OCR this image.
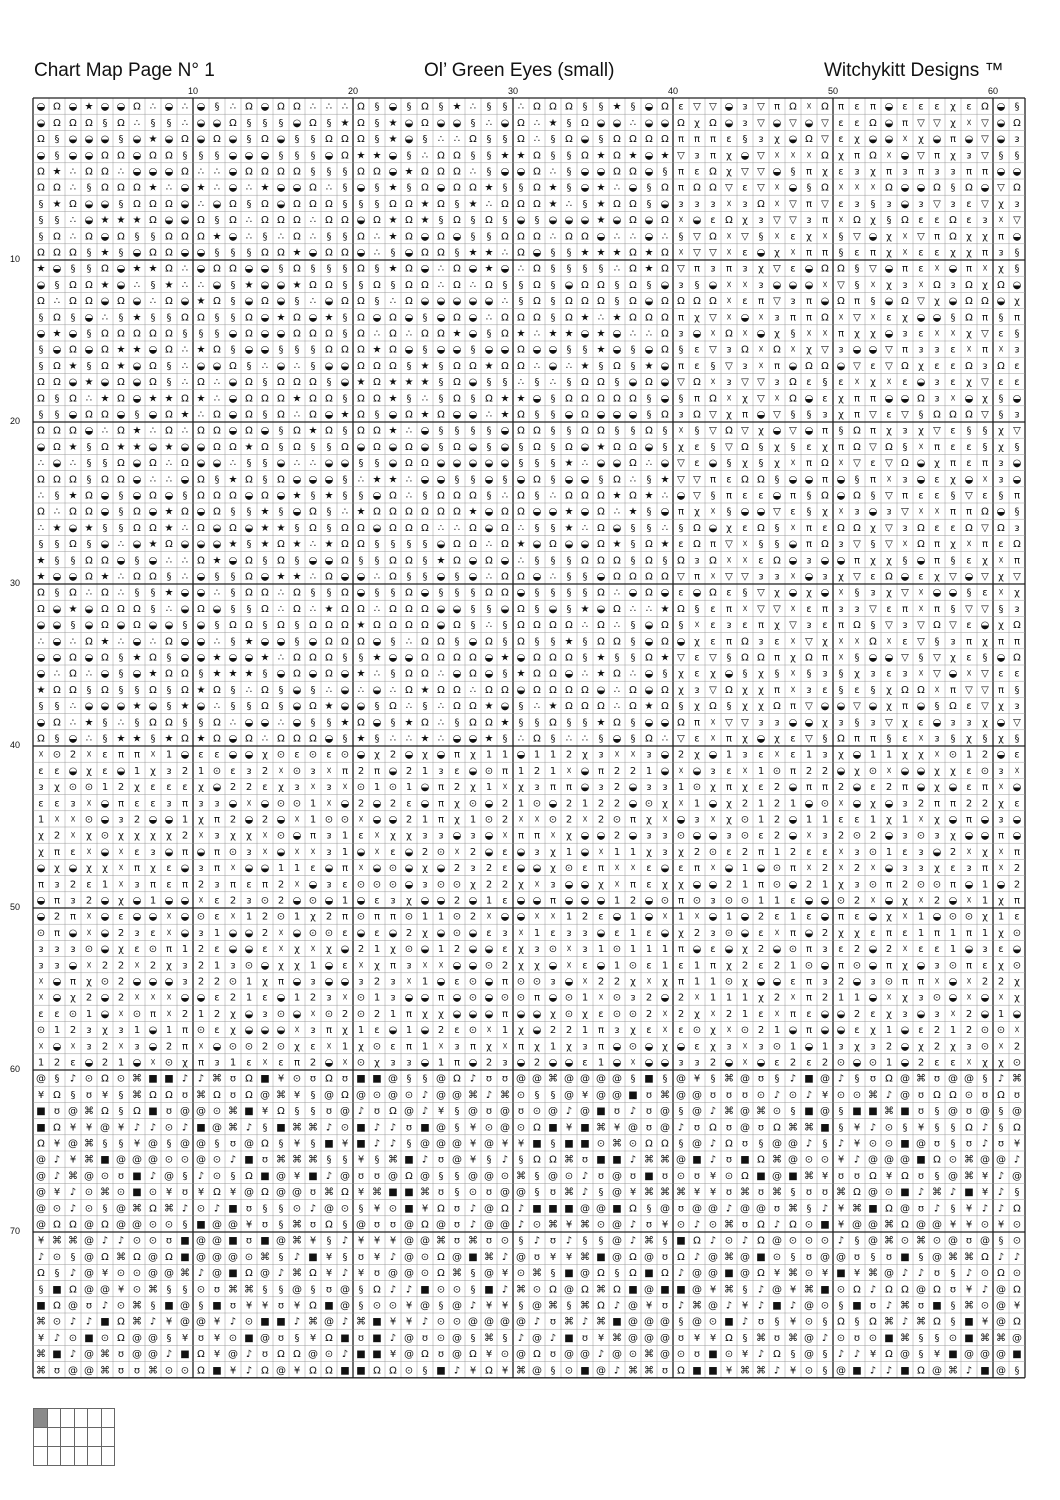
Chart Map Page N° 1	Ol’ Green Eyes (small)	Witchykitt Designs ™
10	20	30	40	50	60
10
20
30
40
50
60
70
◒ Ω ◒ ★ ◒ ◒ Ω ∴ ◒ ∴ ◒ § ∴ Ω ◒ Ω Ω ∴ ∴ ∴ Ω § ◒ § Ω § ★ ∴ § § ∴ Ω Ω Ω § § ★ § ◒ Ω ε ▽ ▽ ◒ ᴈ ▽ π Ω ☓ Ω π ε π ◒ ε ε ε χ ε Ω ◒ §
◒ Ω Ω Ω § Ω ∴ § § ∴ ◒ ◒ Ω § § § ◒ Ω § ★ Ω § ★ ◒ Ω ◒ ◒ § ∴ ◒ Ω ∴ ★ § Ω ◒ ◒ ∴ ◒ ◒ Ω χ Ω ◒ ᴈ ▽ ◒ ▽ ◒ ▽ ε ε Ω ◒ π ▽ ▽ χ ☓ ▽ ◒ Ω
Ω § ◒ ◒ ◒ § ◒ ★ ◒ Ω ◒ Ω ◒ § Ω ◒ § § Ω Ω Ω § ★ ◒ § ∴ ∴ Ω § § Ω ∴ § Ω ◒ § Ω Ω Ω Ω π π π ε § ᴈ χ ◒ Ω ▽ ε χ ◒ ◒ ☓ χ ◒ π ◒ ▽ ◒ ᴈ
◒ § ◒ ◒ Ω Ω ◒ Ω Ω § § § ◒ ◒ ◒ § § § ◒ Ω ★ ★ ◒ § ∴ Ω Ω § § ★ ★ Ω § § Ω ★ Ω ★ ◒ ★ ▽ ᴈ π χ ◒ ▽ ☓ ☓ ☓ Ω χ π Ω ☓ ◒ ▽ π χ ᴈ ▽ § §
Ω ★ ∴ Ω Ω ∴ ◒ ◒ ◒ Ω ∴ ∴ ◒ Ω Ω Ω Ω § § § Ω Ω ◒ ★ Ω Ω Ω ∴ § ◒ ◒ Ω ∴ § ◒ ◒ Ω Ω ◒ § π ε Ω χ ▽ ▽ ◒ § π χ ε ᴈ χ π ᴈ π ᴈ ᴈ π π ◒ ◒
Ω Ω ∴ § Ω Ω Ω ★ ∴ ◒ ★ ∴ ◒ ∴ ★ ◒ ◒ Ω ∴ § ◒ § ★ § Ω ◒ Ω Ω ★ § § Ω ★ § ◒ ★ ∴ ◒ § Ω π Ω Ω ▽ ε ▽ ☓ ◒ § Ω ☓ ☓ ☓ Ω ◒ ◒ Ω § Ω ◒ ▽ Ω
§ ★ Ω ◒ ◒ § Ω Ω Ω ◒ ∴ ◒ Ω § Ω ◒ Ω Ω Ω § § § Ω Ω ★ Ω § ★ ∴ Ω Ω Ω ★ ∴ § ★ Ω Ω § ◒ ᴈ ᴈ ᴈ ☓ ᴈ Ω ☓ ▽ π ▽ ε ᴈ § ᴈ ◒ ᴈ ▽ ᴈ ε ▽ χ ᴈ
§ § ∴ ◒ ★ ★ ★ Ω ◒ ◒ Ω § Ω ∴ Ω Ω Ω ∴ Ω Ω ◒ Ω ★ Ω ★ § Ω § Ω § ◒ § ◒ ◒ ◒ ★ ◒ Ω ◒ Ω ☓ ◒ ε Ω χ ᴈ ▽ ▽ ᴈ π ☓ Ω χ § Ω ε ε Ω ε ᴈ ☓ ▽
§ Ω ∴ Ω ◒ Ω § § Ω Ω Ω ★ ◒ ∴ § ∴ Ω ∴ § § Ω ∴ ★ Ω ◒ Ω ◒ § § Ω Ω Ω ∴ Ω Ω ◒ ∴ ∴ ◒ ∴ § ▽ Ω ☓ ▽ § ☓ ε χ ☓ § ▽ ◒ χ ☓ ▽ π Ω χ χ π ◒
Ω Ω Ω § ★ § ◒ Ω Ω ◒ ◒ § § § Ω Ω ★ ◒ Ω Ω ◒ ∴ § ◒ Ω Ω § ★ ★ ∴ Ω ◒ § § ★ ★ ★ Ω ★ Ω ☓ ▽ ▽ ☓ ε ◒ χ ☓ π π § ε π χ ☓ ε ε χ χ π ᴈ §
★ ◒ § § Ω ◒ ★ ★ Ω ∴ ◒ Ω Ω ◒ ◒ § Ω § § § Ω § ★ Ω ◒ ∴ Ω ◒ ★ ◒ ∴ Ω § § § § ∴ Ω ★ Ω ▽ π ᴈ π ᴈ χ ▽ ε ◒ Ω Ω § ▽ ◒ π ε ☓ ◒ π ☓ χ §
◒ § Ω Ω ★ ◒ ∴ § ★ ∴ ∴ ◒ § ★ ◒ ◒ ★ Ω Ω § § Ω § Ω Ω ∴ Ω ∴ Ω § § Ω § ◒ Ω Ω § Ω § ◒ ᴈ § ◒ ☓ ☓ ᴈ ◒ ◒ ◒ ☓ ▽ § ☓ χ ᴈ ☓ Ω ᴈ Ω χ Ω ◒
Ω ∴ Ω Ω ◒ Ω ◒ ∴ Ω ◒ ★ Ω § ◒ Ω ◒ § ∴ ◒ Ω Ω § ∴ Ω ◒ ◒ ◒ ◒ ◒ ∴ § Ω § Ω Ω Ω § Ω ◒ Ω Ω Ω Ω ☓ ε π ▽ ᴈ π ◒ Ω π § ◒ Ω ▽ χ ◒ Ω Ω ◒ χ
§ Ω § ◒ ∴ § ★ § § Ω Ω § § Ω ◒ ★ Ω ◒ ★ § Ω ◒ Ω ◒ § ◒ Ω ◒ ∴ Ω Ω Ω § Ω ★ ∴ ★ Ω Ω Ω π χ ▽ ☓ ◒ ☓ ᴈ π π Ω ☓ ▽ ☓ ε χ ◒ ◒ § Ω π § π
◒ ★ ◒ § Ω Ω Ω Ω Ω § § § ◒ Ω ◒ ◒ Ω Ω Ω § Ω ∴ Ω ∴ Ω Ω ★ ◒ § Ω ★ ∴ ★ ★ ◒ ★ ◒ ∴ ∴ Ω ᴈ ◒ ☓ Ω ☓ ◒ χ § ☓ ☓ π χ χ ◒ ᴈ ε ☓ ☓ χ ▽ ε §
§ ◒ Ω ◒ Ω ★ ★ ◒ Ω ∴ ★ Ω § ◒ ◒ § § § Ω Ω Ω ★ Ω ◒ § ◒ ◒ § ◒ ◒ Ω ◒ ◒ § § ★ ◒ § ◒ Ω § ε ▽ ᴈ Ω ☓ Ω ☓ χ ▽ ᴈ ◒ ◒ ▽ π ᴈ ᴈ ε ☓ π ☓ ᴈ
§ Ω ★ § Ω ★ ◒ Ω § ∴ ◒ ◒ Ω § ∴ ◒ ∴ § ◒ ◒ Ω Ω Ω § ★ § Ω Ω ★ Ω Ω ∴ ◒ ∴ ★ § Ω § ★ ◒ π ε § ▽ ᴈ ☓ π ◒ Ω Ω ◒ ▽ ε ▽ Ω χ ε ε Ω ᴈ Ω ε
Ω Ω ◒ ★ ◒ Ω ◒ Ω § ∴ Ω ∴ ◒ Ω § Ω Ω Ω § ◒ ★ Ω ★ ★ ★ § Ω ◒ § § ∴ § ∴ § Ω Ω § ◒ Ω ◒ ▽ Ω ☓ ᴈ ▽ ▽ ᴈ Ω ε § ε ☓ χ ☓ ε ◒ ᴈ ε χ ▽ ε ε
Ω § Ω ∴ ★ Ω ◒ ★ ★ Ω ★ ∴ ◒ Ω Ω Ω ★ Ω Ω § Ω Ω ★ § ∴ § Ω § Ω ★ ★ ◒ § Ω Ω Ω Ω Ω § ◒ § π Ω ☓ χ ▽ ☓ Ω ◒ ε χ π π ◒ ◒ Ω ᴈ ☓ ◒ χ § ◒
§ § ◒ Ω Ω ◒ § ◒ Ω ★ ∴ Ω ◒ Ω § Ω ∴ Ω ◒ ★ Ω § ◒ Ω ★ Ω ◒ ◒ ∴ ★ Ω § § ◒ Ω ◒ ◒ ◒ § Ω ᴈ Ω ▽ χ π ◒ ▽ § § ᴈ χ π ▽ ε ▽ § Ω Ω Ω ▽ § ᴈ
Ω Ω Ω ◒ ∴ Ω ★ ∴ Ω ∴ Ω Ω ◒ Ω ◒ § Ω ★ Ω § Ω Ω ★ ∴ ◒ § § § § ◒ Ω Ω § § Ω Ω § § Ω § ☓ § ▽ Ω ▽ χ ◒ ▽ ◒ π § Ω π χ ᴈ χ ▽ ε § § χ ▽
◒ Ω ★ § Ω ★ ★ ◒ ★ ◒ ◒ Ω Ω ★ Ω § Ω § § Ω ◒ Ω ◒ Ω ◒ § Ω ◒ § ◒ § Ω § Ω ◒ ★ Ω Ω ◒ § χ ε § ▽ Ω § χ § ε χ π Ω ▽ Ω § ☓ π ε ε § χ §
∴ ◒ ∴ § § Ω ◒ Ω ∴ Ω ◒ ◒ ∴ § § ◒ ∴ ∴ ◒ ◒ § § ◒ Ω Ω ◒ ◒ ◒ ◒ ◒ § § § ★ ∴ ◒ ◒ Ω ∴ ◒ ▽ ε ◒ § χ § χ ☓ π Ω ☓ ▽ ε ▽ Ω ◒ χ π ε π ᴈ ◒
Ω Ω Ω § Ω Ω ◒ ∴ ∴ ◒ Ω § ★ Ω § Ω ◒ ◒ ◒ § ∴ ★ ★ ∴ ◒ ◒ § § ◒ § ◒ Ω § ◒ ◒ § Ω ∴ § ★ ▽ ▽ π ε Ω Ω § ◒ ◒ π ◒ § π ☓ ᴈ ◒ ε χ ◒ ☓ ᴈ ◒
∴ § ★ Ω ◒ § ◒ Ω ◒ § Ω Ω Ω ◒ Ω ◒ ★ § ★ § § ◒ Ω ∴ § Ω Ω Ω § ∴ Ω § ∴ Ω Ω Ω ★ Ω ★ ∴ ◒ ▽ § π ε ε ◒ π § Ω ◒ Ω § ▽ π ε ε § ▽ ε § π
Ω ∴ Ω Ω ◒ § Ω ◒ ★ Ω ◒ Ω § § ★ § ◒ Ω § ∴ ★ Ω Ω Ω Ω Ω Ω ★ ◒ Ω Ω ◒ ◒ ★ ◒ Ω ∴ ★ § ◒ π χ ☓ § ◒ ◒ ▽ ε § χ ☓ ᴈ ◒ ᴈ ▽ ☓ ☓ π π Ω ◒ §
∴ ★ ◒ ★ § § Ω Ω ★ ∴ Ω ◒ Ω ◒ ★ ★ § Ω § Ω Ω ◒ Ω Ω Ω ∴ ∴ Ω ◒ Ω ∴ § § ★ ∴ Ω ◒ § § ∴ § Ω ◒ χ ε Ω § ☓ π ε Ω Ω χ ▽ ᴈ Ω ε ε Ω ▽ Ω ᴈ
§ § Ω § ◒ ∴ ◒ ★ Ω ◒ ◒ ◒ ★ § ★ Ω ★ ∴ ★ Ω Ω § § § § ◒ Ω Ω ∴ Ω ★ ◒ Ω ◒ ◒ Ω ★ § Ω ★ ε Ω π ▽ ☓ § § ◒ π Ω ᴈ ▽ § ▽ ☓ Ω π χ ☓ π ε Ω
★ § § Ω Ω ◒ § ◒ ∴ ∴ Ω ★ ◒ Ω § Ω § ◒ ◒ Ω § § Ω Ω § ★ Ω ◒ Ω ◒ ∴ § § § Ω Ω Ω § Ω § Ω ᴈ Ω ☓ ☓ ε Ω ◒ ᴈ ◒ ◒ π χ χ § ◒ π § ε χ ☓ π
★ ◒ ◒ Ω ★ ∴ Ω Ω § ∴ ◒ § § Ω ◒ ★ ★ ∴ Ω ◒ ◒ ∴ Ω § § ◒ § ◒ ∴ Ω Ω ◒ ∴ § § ◒ Ω Ω Ω Ω ▽ π ☓ ▽ ▽ ᴈ ᴈ ☓ ◒ ᴈ χ ▽ ε Ω ◒ ε χ ▽ ◒ ▽ χ ▽
Ω § Ω ∴ Ω ∴ § § ★ ◒ ◒ ∴ § Ω Ω ∴ Ω § § Ω ◒ § § Ω ◒ § § § Ω Ω ◒ § § § § Ω ∴ ◒ Ω ◒ ε ◒ Ω ε § ▽ χ ◒ χ ◒ ☓ § ᴈ χ ▽ ☓ ◒ ◒ § ε ☓ χ
Ω ◒ ★ ◒ Ω Ω Ω § ∴ ◒ Ω ◒ § § Ω ∴ Ω ∴ ★ Ω Ω ∴ Ω Ω Ω ◒ ◒ § § ◒ Ω § ◒ § ★ ◒ Ω ∴ ∴ ★ Ω § ε π ☓ ▽ ▽ ☓ ε π ᴈ ᴈ ▽ ε π ☓ π § ▽ ▽ § ᴈ
◒ ◒ § ◒ Ω ◒ Ω ◒ ◒ § ◒ § Ω Ω § Ω § Ω Ω Ω ★ Ω Ω Ω Ω ◒ Ω § ∴ § Ω Ω Ω Ω ∴ Ω ∴ § ◒ Ω § ☓ ε ᴈ ε π χ ▽ ᴈ ε π Ω § ▽ ᴈ ▽ Ω ▽ ε ◒ χ Ω
∴ ◒ ∴ Ω ★ ∴ ◒ ∴ Ω ◒ ◒ ∴ § ★ ◒ ◒ § ◒ Ω Ω Ω ◒ § ∴ Ω Ω § ◒ Ω § Ω § § ★ § Ω Ω § ◒ Ω ◒ χ ε π Ω ᴈ ε ☓ ▽ χ ☓ ☓ Ω ☓ ε ▽ § ᴈ π χ π π
◒ ◒ Ω ◒ Ω § ★ Ω § ◒ ◒ ★ ◒ ◒ ★ ∴ Ω Ω Ω § § ★ ◒ ◒ Ω Ω Ω Ω ◒ ★ ◒ Ω Ω Ω § ★ § § Ω ★ ▽ ε ▽ § Ω Ω π χ Ω π ☓ § ◒ ◒ ▽ § ▽ χ ε § ◒ Ω
◒ ∴ Ω ∴ ◒ § ◒ ★ Ω Ω § ★ ★ ★ § ◒ Ω ◒ Ω ◒ ★ ∴ § Ω Ω ∴ ◒ Ω ◒ § ★ Ω Ω ◒ ∴ ★ Ω ∴ ◒ § χ ε χ ◒ § χ § ☓ § ᴈ § χ ᴈ ε ᴈ ☓ ▽ ◒ ☓ ▽ ε ε
★ Ω Ω § Ω § § Ω § Ω ★ Ω § ∴ Ω § ◒ § ∴ ◒ ∴ ◒ ∴ Ω ★ Ω Ω ∴ Ω Ω ◒ Ω Ω Ω Ω ◒ ∴ Ω ◒ Ω χ ᴈ ▽ Ω χ χ π ☓ ᴈ ε § ε § χ Ω Ω ☓ π ▽ ▽ π §
§ § ∴ ◒ ◒ ◒ ★ ◒ § ★ ◒ ∴ § § Ω § ◒ Ω ★ ◒ ◒ § Ω ∴ § ∴ Ω Ω ★ ◒ § ∴ ★ Ω Ω Ω ∴ Ω ★ Ω § χ Ω § χ χ Ω π ▽ ◒ ◒ ▽ ◒ χ π ◒ § Ω ε ▽ χ ᴈ
◒ Ω ∴ ★ § ∴ § Ω Ω § § Ω ∴ ◒ ◒ ∴ ◒ § § ★ Ω ◒ § ★ Ω ∴ § Ω Ω ★ § § Ω § § ★ Ω § ◒ ◒ Ω π ☓ ▽ ▽ ᴈ ᴈ ◒ ◒ χ ᴈ § ᴈ ▽ χ ε ◒ ᴈ ᴈ χ ◒ ▽
Ω § ◒ ∴ § ★ ★ § ★ Ω ★ Ω ◒ Ω ∴ Ω Ω Ω ◒ § ★ § ∴ ∴ ★ ∴ ◒ ◒ ★ § ∴ Ω § ∴ ∴ § ◒ § Ω ∴ ▽ ε ☓ π χ ◒ χ ε ▽ § Ω π π § ε ☓ ᴈ § χ § χ §
☓ ⊙ 2 ☓ ε π π ☓ 1 ◒ ε ε ◒ ◒ χ ⊙ ε ⊙ ε ⊙ ◒ χ 2 ◒ χ ◒ π χ 1 1 ◒ 1 1 2 χ ᴈ ☓ ☓ ᴈ ◒ 2 χ ◒ 1 ᴈ ε ☓ ε 1 ᴈ χ ◒ 1 1 χ χ ☓ ⊙ 1 2 ◒ ε
ε ε ◒ χ ε ◒ 1 χ ᴈ 2 1 ⊙ ε ᴈ 2 ☓ ⊙ ᴈ ☓ π 2 π ◒ 2 1 ᴈ ε ◒ ⊙ π 1 2 1 ☓ ◒ π 2 2 1 ◒ ☓ ◒ ᴈ ε ☓ 1 ⊙ π 2 2 ◒ χ ⊙ ☓ ◒ ◒ χ χ ε ⊙ ᴈ ☓
ᴈ χ ⊙ ⊙ 1 2 χ ε ε ε χ ◒ 2 2 ε χ ᴈ ☓ ᴈ ☓ ⊙ 1 ⊙ 1 ◒ π 2 χ 1 ☓ χ ᴈ π π ◒ ᴈ 2 ◒ ᴈ ᴈ 1 ⊙ χ π χ ε 2 ◒ π π 2 ◒ ε 2 π ◒ χ ◒ ε π ☓ ◒
ε ε ᴈ ☓ ◒ π ε ε ᴈ π ᴈ ᴈ ◒ ☓ ◒ ⊙ ⊙ 1 ☓ ◒ 2 ◒ 2 ε ◒ π χ ⊙ ◒ 2 1 ⊙ ◒ 2 1 2 2 ◒ ⊙ χ ☓ 1 ◒ χ 2 1 2 1 ◒ ⊙ ☓ ◒ χ ◒ ᴈ 2 π π 2 2 χ ε
1 ☓ ☓ ⊙ ◒ ᴈ 2 ◒ ◒ 1 χ π 2 ◒ 2 ◒ ☓ 1 ⊙ ⊙ ☓ ◒ ◒ 2 1 π χ 1 ⊙ 2 ☓ ☓ ⊙ 2 ☓ 2 ⊙ π χ ☓ ◒ ᴈ ☓ χ ⊙ 1 2 ◒ 1 1 ε ε 1 χ 1 ☓ χ ◒ π ◒ ᴈ ◒
χ 2 ☓ χ ⊙ χ χ χ χ 2 ☓ ᴈ χ χ ☓ ⊙ ◒ π ᴈ 1 ε ☓ χ χ ᴈ ᴈ ◒ ᴈ ◒ ☓ π π ☓ χ ◒ ◒ 2 ◒ ᴈ ᴈ ⊙ ◒ ◒ ᴈ ⊙ ε 2 ◒ ☓ ᴈ 2 ⊙ 2 ◒ ᴈ ⊙ ᴈ χ ◒ ◒ π ◒
χ π ε ☓ ◒ ☓ ε ᴈ ◒ π ◒ π ⊙ ᴈ ☓ ◒ ☓ ☓ ᴈ 1 ◒ ☓ ε ◒ 2 ⊙ ☓ 2 ◒ ε ◒ ᴈ χ 1 ◒ ☓ 1 1 χ ᴈ χ 2 ⊙ ε 2 π 1 2 ε ε ☓ ᴈ ⊙ 1 ε ᴈ ◒ 2 ☓ χ ☓ π
◒ χ ◒ χ χ ☓ π χ ε ◒ ᴈ π ☓ ◒ ◒ 1 1 ε ◒ π ☓ ◒ ⊙ ◒ χ ◒ 2 ᴈ 2 ε ◒ ◒ χ ⊙ ε π ☓ ☓ ε ◒ ε π ☓ ◒ 1 ◒ ⊙ π ☓ 2 ☓ 2 ☓ ◒ ᴈ ᴈ χ ε ᴈ π ☓ 2
π ᴈ 2 ε 1 ☓ ᴈ π ε π 2 ᴈ π ε π 2 ☓ ◒ ᴈ ε ⊙ ⊙ ⊙ ◒ ᴈ ⊙ ⊙ χ 2 2 χ ☓ ᴈ ◒ ◒ χ ☓ π ε χ χ ◒ ◒ 2 1 π ⊙ ◒ 2 1 χ ᴈ ⊙ π 2 ⊙ ⊙ π ◒ 1 ◒ 2
◒ π ᴈ 2 ◒ χ ◒ 1 ◒ ◒ ☓ ε 2 ᴈ ⊙ 2 ◒ ⊙ ◒ 1 ◒ ε ᴈ χ ◒ ◒ 2 ◒ 1 ε ◒ ◒ π ◒ ◒ ◒ 1 2 ◒ ⊙ π ⊙ ᴈ ⊙ ⊙ 1 1 ε ◒ ◒ ⊙ 2 ☓ ◒ χ ☓ 2 ◒ ☓ 1 χ π
◒ 2 π ☓ ◒ ε ◒ ◒ ☓ ◒ ⊙ ε ☓ 1 2 ⊙ 1 χ 2 π ⊙ π π ⊙ 1 1 ⊙ 2 ☓ ◒ ◒ ☓ ☓ 1 2 ε ◒ 1 ◒ ☓ 1 ☓ ◒ 1 ◒ 2 ε 1 ε ◒ π ε ◒ χ ☓ 1 ◒ ⊙ ⊙ χ 1 ε
⊙ π ◒ ☓ ◒ 2 ᴈ ε ☓ ◒ ᴈ 1 ◒ ◒ 2 ☓ ◒ ⊙ ⊙ ε ◒ ε ◒ 2 χ ◒ ⊙ ◒ ε ᴈ ☓ 1 ε ᴈ ᴈ ◒ ε 1 ε ◒ χ 2 ᴈ ⊙ ◒ ε ☓ π ◒ 2 χ χ ε π ε 1 π 1 π 1 χ ⊙
ᴈ ᴈ ᴈ ⊙ ◒ χ ε ⊙ π 1 2 ε ◒ ◒ ε ☓ χ ☓ χ ◒ 2 1 χ ⊙ ◒ 1 2 ◒ ◒ ε χ ᴈ ⊙ ☓ ᴈ 1 ⊙ 1 1 1 π ◒ ε ◒ χ 2 ◒ ⊙ π ᴈ ε 2 ◒ 2 ☓ ε ε 1 ◒ ᴈ ε ◒
ᴈ ᴈ ◒ ☓ 2 2 ☓ 2 χ ᴈ 2 1 ᴈ ⊙ ◒ χ χ 1 ◒ ε ☓ χ π ᴈ ☓ ☓ ◒ ◒ ⊙ 2 χ χ ◒ ☓ ε ◒ 1 ⊙ ε 1 ε 1 π χ 2 ε 2 1 ⊙ ◒ π ⊙ ◒ π χ ◒ ᴈ ⊙ π ε χ ⊙
☓ ◒ π χ ⊙ 2 ◒ ◒ ◒ ᴈ 2 2 ⊙ 1 χ π ◒ ᴈ ◒ ◒ ᴈ 2 ᴈ ☓ 1 ◒ ε ⊙ ◒ π ⊙ ⊙ ᴈ ◒ ☓ 2 2 χ ☓ χ π 1 1 ⊙ χ ◒ ◒ ε π ᴈ 2 ◒ ᴈ ⊙ π π ☓ ◒ ☓ 2 2 χ
☓ ◒ χ 2 ◒ 2 ☓ ☓ ☓ ◒ ◒ ε 2 1 ε ◒ 1 2 ᴈ ☓ ⊙ 1 ᴈ ◒ ◒ π ◒ ⊙ ◒ ⊙ ⊙ π ◒ ⊙ 1 ☓ ⊙ ᴈ 2 ◒ 2 ☓ 1 1 1 χ 2 ☓ π 2 1 1 ◒ ☓ χ ᴈ ⊙ ◒ ☓ ◒ ☓ χ
ε ε ⊙ 1 ◒ ☓ ⊙ π ☓ 2 1 2 χ ◒ ᴈ ⊙ ◒ ☓ ⊙ 2 ⊙ 2 1 π χ χ ◒ ◒ ◒ π ◒ ◒ χ ⊙ χ ε ⊙ ⊙ 2 ☓ 2 χ ☓ 2 1 ε ☓ π ε ◒ ◒ 2 ε χ ᴈ ◒ ᴈ ☓ 2 ◒ 1 ◒
⊙ 1 2 ᴈ χ ᴈ 1 ◒ 1 π ⊙ ε χ ◒ ◒ ◒ ☓ ᴈ π χ 1 ε ◒ 1 ◒ 2 ε ⊙ ☓ 1 χ ◒ 2 2 1 π ᴈ χ ε ☓ ε ⊙ χ ☓ ⊙ 2 1 ◒ π ◒ ◒ ε χ 1 ◒ ε 2 1 2 ⊙ ⊙ ☓
☓ ◒ ☓ ᴈ 2 ☓ ᴈ ◒ 2 π ☓ ◒ ⊙ ⊙ 2 ⊙ χ ε ☓ 1 χ ⊙ ε π 1 ☓ ᴈ π χ ☓ π χ 1 χ ᴈ π ◒ ⊙ ◒ χ ◒ ε χ ᴈ ☓ ᴈ ⊙ 1 ◒ 1 ᴈ χ ᴈ 2 ◒ χ 2 χ ᴈ ⊙ ☓ 2
1 2 ε ◒ 2 1 ◒ ☓ ⊙ χ π ᴈ 1 ε ☓ ε π 2 ◒ ☓ ⊙ χ ᴈ ᴈ ◒ 1 π ◒ 2 ᴈ ◒ 2 ◒ ◒ ε 1 ◒ ☓ ◒ ◒ ᴈ ᴈ 2 ◒ ☓ ◒ ε 2 ε 2 ⊙ ◒ ⊙ 1 ◒ 2 ε ε ☓ χ χ ⊙
@ § ♪ ⊙ Ω ⊙ ⌘ ■ ■ ♪ ♪ ⌘ ʊ Ω ■ ¥ ⊙ ʊ Ω ʊ ■ ■ @ § § @ Ω ♪ ʊ ʊ @ @ ⌘ @ @ @ @ § ■ § @ ¥ § ⌘ @ ʊ § ♪ ■ @ ♪ § ʊ Ω @ ⌘ ʊ @ @ § ♪ ⌘
¥ Ω § ʊ ¥ § ⌘ Ω Ω ʊ ⌘ Ω ʊ Ω @ ⌘ ¥ § @ Ω @ ⊙ @ ⊙ ♪ @ @ ⌘ ♪ ⌘ ⊙ § § @ ¥ @ @ ■ ʊ ⌘ @ @ ʊ ʊ ʊ ⊙ ♪ ⊙ ♪ ¥ ⊙ ⊙ ⌘ ♪ @ ʊ Ω Ω ⊙ ʊ Ω ʊ
■ ʊ @ ⌘ Ω § Ω ■ ʊ @ @ ⊙ ⌘ ■ ¥ Ω § § ʊ @ ♪ ʊ Ω @ ♪ ¥ § @ ʊ @ ʊ ⊙ @ ♪ @ ■ ʊ ♪ ʊ @ § @ ♪ ⌘ @ ⌘ ⊙ § ■ @ § ■ ■ ⌘ ■ ʊ § @ ʊ @ § @
■ Ω ¥ ¥ @ ¥ ♪ ♪ ⊙ ♪ ■ @ ⌘ ♪ § ■ ⌘ ⌘ ♪ ⊙ ■ ♪ ♪ ʊ ■ @ § ¥ ⊙ @ ⊙ Ω ■ ¥ ■ ⌘ ¥ @ ʊ @ ♪ ʊ Ω ʊ @ ʊ Ω ⌘ ⌘ ■ § ¥ ♪ ⊙ § ¥ § § Ω ♪ § Ω
Ω ¥ @ ⌘ § § ¥ @ § @ @ § ʊ @ Ω § ¥ § ■ ¥ ■ ♪ ♪ § @ @ @ ¥ @ ¥ ¥ ■ § ■ ■ ⊙ ⌘ ⊙ Ω Ω § @ ♪ Ω ʊ § @ @ ♪ § ♪ ¥ ⊙ ⊙ ■ @ ʊ § ʊ ♪ ʊ ¥
@ ♪ ¥ ⌘ ■ @ @ @ ⊙ ⊙ @ ⊙ ♪ ■ ʊ ⌘ ⌘ ⌘ § § ¥ § ⌘ ■ ♪ ʊ @ ¥ § ♪ § Ω Ω ⌘ ʊ ■ ■ ♪ ⌘ ⌘ @ ■ ♪ ʊ ■ Ω ⌘ @ ⊙ ⊙ ¥ ♪ @ @ @ ■ Ω ⊙ ⌘ @ @ ♪
@ ♪ ⌘ @ ⊙ ʊ ■ ♪ @ § ♪ ⊙ § Ω ■ @ ¥ ■ ♪ @ ʊ ʊ @ Ω @ § § @ @ ⊙ ⌘ § @ ⊙ ♪ ʊ @ ʊ ■ ʊ ⊙ ʊ ¥ ⊙ Ω ■ @ ■ ⌘ ¥ ʊ ʊ Ω ¥ Ω ʊ § @ ⌘ ¥ ♪ @
@ ¥ ♪ ⊙ ⌘ ⊙ ■ ⊙ ¥ ʊ ¥ Ω ¥ @ Ω @ @ ʊ ⌘ Ω ¥ ⌘ ■ ■ ⌘ ʊ § ⊙ ʊ @ @ § ʊ ⌘ ♪ § @ ¥ ⌘ ⌘ ⌘ ¥ ¥ ʊ ⌘ ʊ ⌘ § ʊ ʊ ⌘ Ω @ ⊙ ■ ♪ ⌘ ♪ ■ ¥ ♪ §
@ ⊙ ♪ ⊙ § @ ⌘ Ω ⌘ ♪ ⊙ ♪ ■ ʊ § § ⊙ ♪ @ ⊙ § ¥ ⊙ ■ ¥ Ω ʊ ♪ @ Ω ♪ ■ ■ ■ @ @ ■ Ω § @ ʊ @ @ ♪ @ @ ʊ ⌘ § ♪ ¥ ⌘ ■ Ω @ ʊ ♪ § ¥ ♪ ♪ Ω
@ Ω Ω @ Ω @ @ ⊙ ⊙ § ■ @ @ ¥ ʊ § ⌘ ʊ Ω § @ ʊ ʊ @ Ω @ ʊ ♪ @ @ ♪ ⊙ ⌘ ¥ ⌘ ⊙ @ ♪ ʊ ¥ ⊙ ♪ ⊙ ⌘ ʊ Ω ♪ Ω ⊙ ■ ¥ @ @ ⌘ Ω @ @ ¥ ¥ ⊙ ¥ ⊙
¥ ⌘ ⌘ @ ♪ ♪ ⊙ ⊙ ʊ ■ @ @ ■ ʊ ■ @ ⌘ ¥ § ♪ ¥ ¥ ¥ @ @ ⌘ ʊ ⌘ ʊ ⊙ § ♪ ʊ ♪ § § @ ♪ ⌘ § ■ Ω ♪ ⊙ ♪ Ω @ ⊙ ⊙ ⊙ ♪ § @ ⌘ ⊙ ⌘ ⊙ @ ʊ @ § ⊙
♪ ⊙ § @ Ω ⌘ Ω @ Ω ■ @ @ @ ⊙ ⌘ § ♪ ■ ¥ § ʊ ¥ ♪ @ ⊙ Ω @ ■ ⌘ ♪ @ ʊ ¥ ¥ ⌘ ■ @ Ω @ ʊ Ω ♪ @ ⌘ @ ■ ⊙ § ʊ @ @ ʊ § ʊ ■ § @ ⌘ ⌘ Ω ♪ ♪
Ω § ♪ @ ¥ ⊙ ⊙ @ @ ⌘ ♪ @ ■ Ω @ ♪ ⌘ Ω ¥ ♪ ¥ ʊ @ @ ⊙ Ω ⌘ § @ ¥ ⊙ ⌘ § ■ @ Ω § Ω ■ Ω ♪ @ @ ■ @ Ω ¥ ⌘ ⊙ ¥ ■ ¥ ⌘ @ ♪ ♪ ʊ § ♪ ⊙ Ω ⊙
§ ■ Ω @ @ ¥ ⊙ ⌘ § § ⊙ ʊ ⌘ ⌘ § § @ § ʊ @ § Ω ♪ ♪ ■ ⊙ ⊙ § ■ ♪ ⌘ ⊙ Ω @ Ω ⌘ Ω ■ @ ■ ■ @ ¥ ⌘ § ♪ @ ¥ ⌘ ■ ⊙ Ω ♪ Ω Ω @ Ω ʊ ¥ ♪ @ Ω
■ Ω @ ʊ ♪ ⊙ ⌘ § ■ @ § ■ ʊ ¥ ¥ ʊ ¥ Ω ■ @ § ⊙ ⊙ ¥ @ § @ ♪ ¥ ¥ § @ ⌘ § ⌘ Ω ♪ @ ¥ ʊ ♪ ⌘ @ ♪ ¥ ♪ ■ ♪ @ ⊙ § ■ ʊ ♪ ⌘ ʊ ■ § ⌘ ⊙ @ ¥
⌘ ⊙ ♪ ♪ ■ Ω ⌘ ♪ ¥ @ @ ¥ ♪ ⊙ ■ ■ ♪ ⌘ @ ♪ ⌘ ■ ¥ ¥ ♪ ⊙ ⊙ @ @ @ @ ♪ ʊ ⌘ ♪ ⌘ ■ @ @ @ § @ ⊙ ■ ♪ ʊ § ¥ ⊙ § Ω § Ω ⌘ ♪ ⌘ Ω § ■ ¥ @ Ω
¥ ♪ ⊙ ■ ⊙ Ω @ @ § ¥ ʊ ¥ ⊙ ■ @ ʊ § ¥ Ω ■ ʊ ■ ♪ @ ʊ ⊙ @ § ⌘ § ♪ @ ♪ ■ ʊ ¥ ⌘ @ @ @ ʊ ¥ ¥ Ω § ⌘ ʊ ⌘ @ ♪ ⊙ ʊ ⊙ ■ ⌘ § § ⊙ ■ ⌘ ⌘ @
⌘ ■ ♪ @ ⌘ ʊ @ @ ♪ ■ Ω ¥ @ ♪ ʊ Ω Ω @ ⊙ ♪ ■ ■ ¥ @ Ω ʊ @ Ω ¥ ⊙ @ Ω ʊ @ @ ♪ @ ⊙ ⌘ @ ⊙ ʊ ■ ⊙ ¥ ♪ Ω § @ § ♪ ♪ ¥ Ω @ § ¥ ■ @ @ @ ■
⌘ ʊ @ @ ⌘ ʊ ʊ ⌘ ⊙ ⊙ Ω ■ ¥ ♪ Ω @ ¥ Ω Ω ■ ■ Ω Ω ⊙ § ■ ♪ ¥ Ω ¥ ⌘ @ § ⊙ ■ @ ♪ ⌘ ⌘ ʊ Ω ■ ■ ¥ ⌘ ⌘ ♪ ¥ ⊙ § @ ■ ♪ ♪ ■ Ω @ ⌘ ♪ ■ @ §
